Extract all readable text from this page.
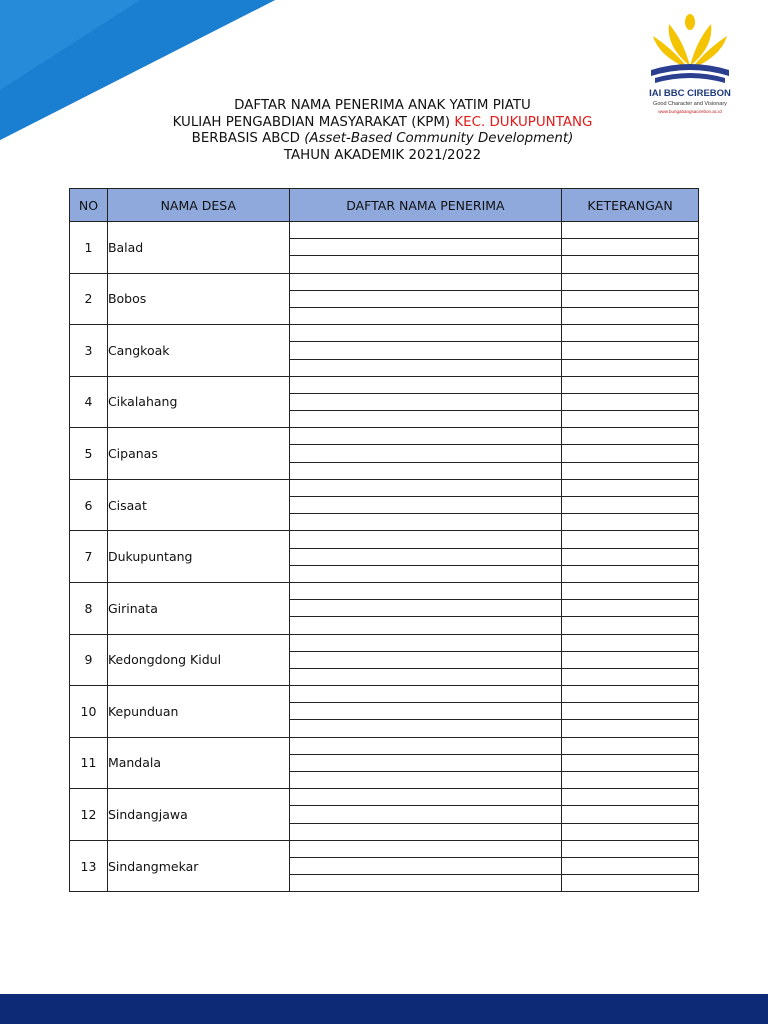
IAI BBC CIREBON
Good Character and Visionary
www.bungabangsacirebon.ac.id
DAFTAR NAMA PENERIMA ANAK YATIM PIATU
KULIAH PENGABDIAN MASYARAKAT (KPM) KEC. DUKUPUNTANG
BERBASIS ABCD (Asset-Based Community Development)
TAHUN AKADEMIK 2021/2022
NO	NAMA DESA	DAFTAR NAMA PENERIMA	KETERANGAN
1	Balad		

2	Bobos		

3	Cangkoak		

4	Cikalahang		

5	Cipanas		

6	Cisaat		

7	Dukupuntang		

8	Girinata		

9	Kedongdong Kidul		

10	Kepunduan		

11	Mandala		

12	Sindangjawa		

13	Sindangmekar		
